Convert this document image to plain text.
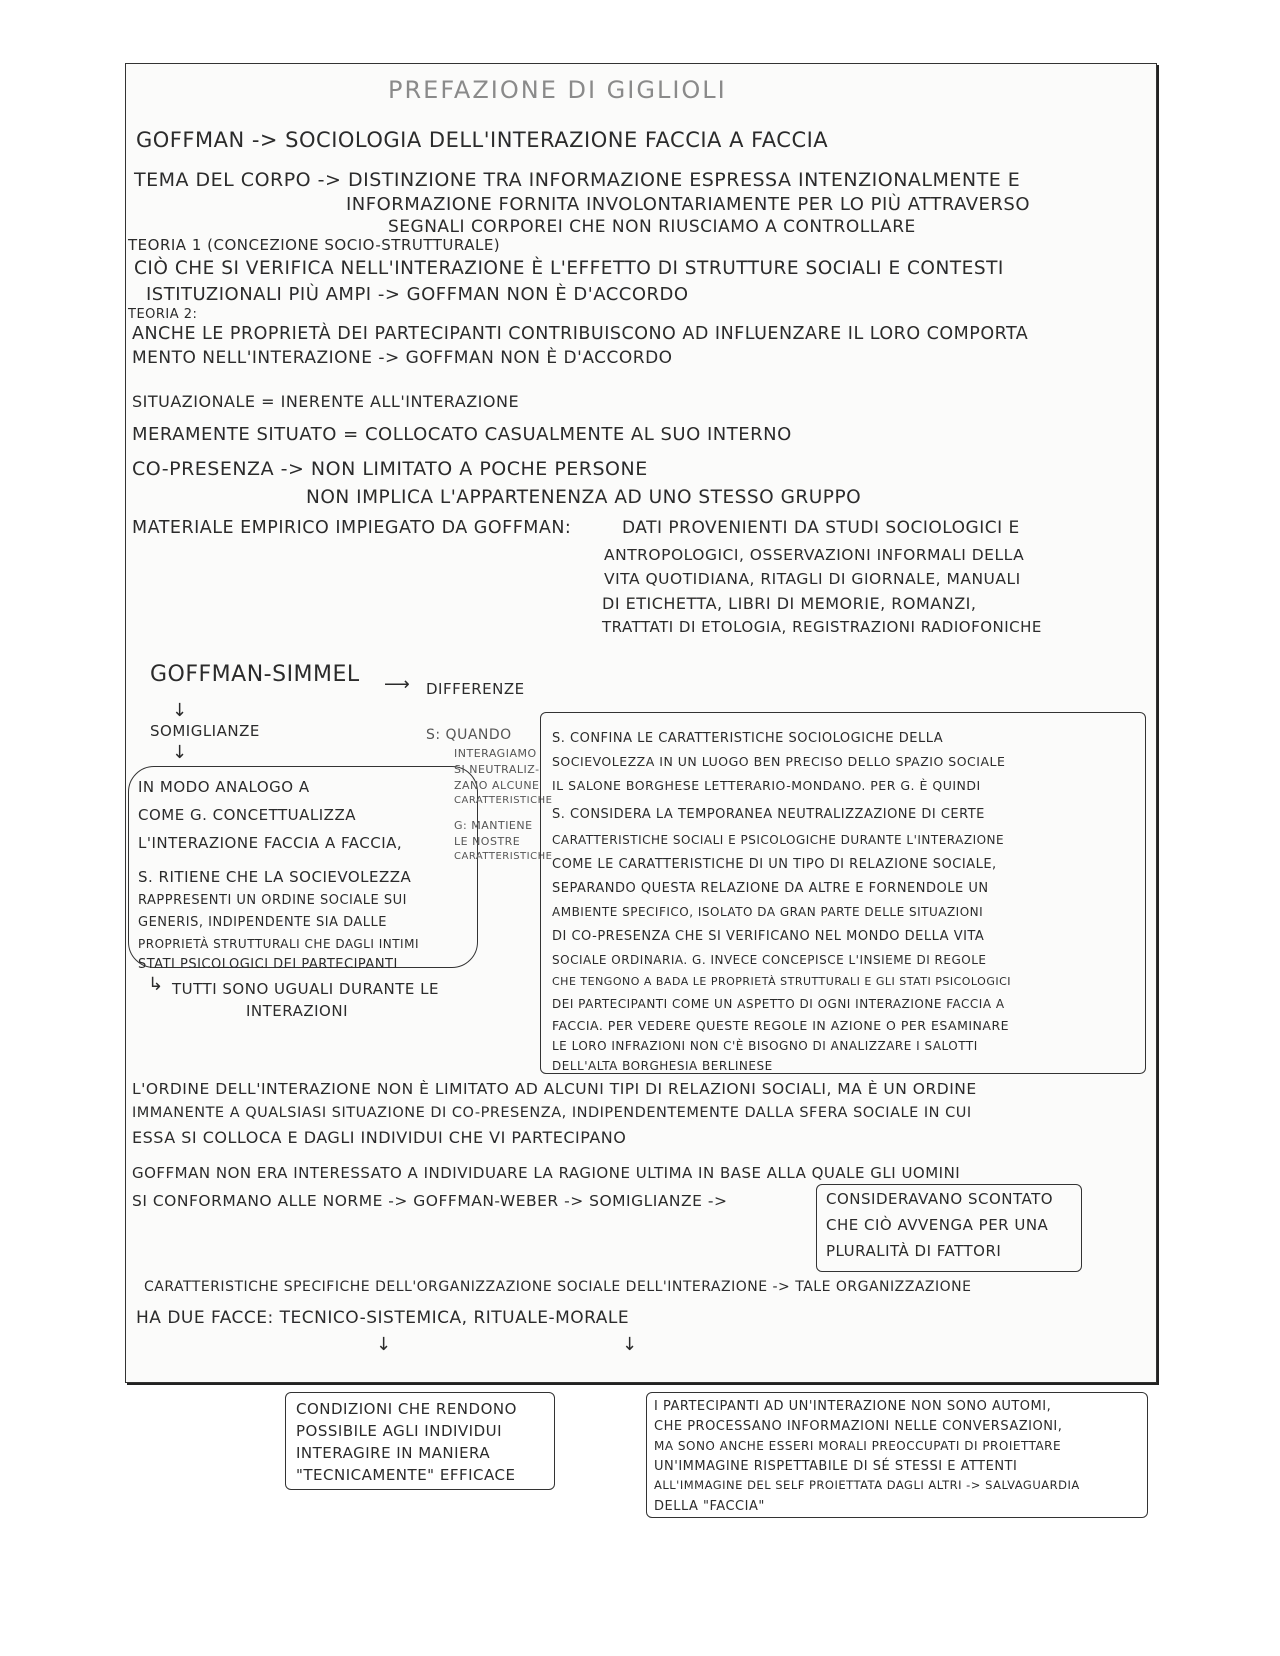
PREFAZIONE DI GIGLIOLI
GOFFMAN -> SOCIOLOGIA DELL'INTERAZIONE FACCIA A FACCIA
TEMA DEL CORPO -> DISTINZIONE TRA INFORMAZIONE ESPRESSA INTENZIONALMENTE E
INFORMAZIONE FORNITA INVOLONTARIAMENTE PER LO PIÙ ATTRAVERSO
SEGNALI CORPOREI CHE NON RIUSCIAMO A CONTROLLARE
TEORIA 1 (CONCEZIONE SOCIO-STRUTTURALE)
CIÒ CHE SI VERIFICA NELL'INTERAZIONE È L'EFFETTO DI STRUTTURE SOCIALI E CONTESTI
ISTITUZIONALI PIÙ AMPI -> GOFFMAN NON È D'ACCORDO
TEORIA 2:
ANCHE LE PROPRIETÀ DEI PARTECIPANTI CONTRIBUISCONO AD INFLUENZARE IL LORO COMPORTA
MENTO NELL'INTERAZIONE -> GOFFMAN NON È D'ACCORDO
SITUAZIONALE = INERENTE ALL'INTERAZIONE
MERAMENTE SITUATO = COLLOCATO CASUALMENTE AL SUO INTERNO
CO-PRESENZA -> NON LIMITATO A POCHE PERSONE
NON IMPLICA L'APPARTENENZA AD UNO STESSO GRUPPO
MATERIALE EMPIRICO IMPIEGATO DA GOFFMAN:	DATI PROVENIENTI DA STUDI SOCIOLOGICI E
ANTROPOLOGICI, OSSERVAZIONI INFORMALI DELLA
VITA QUOTIDIANA, RITAGLI DI GIORNALE, MANUALI
DI ETICHETTA, LIBRI DI MEMORIE, ROMANZI,
TRATTATI DI ETOLOGIA, REGISTRAZIONI RADIOFONICHE
GOFFMAN-SIMMEL ⟶ DIFFERENZE
↓
SOMIGLIANZE
↓
IN MODO ANALOGO A
COME G. CONCETTUALIZZA
L'INTERAZIONE FACCIA A FACCIA,
S. RITIENE CHE LA SOCIEVOLEZZA
RAPPRESENTI UN ORDINE SOCIALE SUI
GENERIS, INDIPENDENTE SIA DALLE
PROPRIETÀ STRUTTURALI CHE DAGLI INTIMI
STATI PSICOLOGICI DEI PARTECIPANTI
↳ TUTTI SONO UGUALI DURANTE LE
INTERAZIONI
S: QUANDO
INTERAGIAMO
SI NEUTRALIZ-
ZANO ALCUNE
CARATTERISTICHE
G: MANTIENE
LE NOSTRE
CARATTERISTICHE
S. CONFINA LE CARATTERISTICHE SOCIOLOGICHE DELLA
SOCIEVOLEZZA IN UN LUOGO BEN PRECISO DELLO SPAZIO SOCIALE
IL SALONE BORGHESE LETTERARIO-MONDANO. PER G. È QUINDI
S. CONSIDERA LA TEMPORANEA NEUTRALIZZAZIONE DI CERTE
CARATTERISTICHE SOCIALI E PSICOLOGICHE DURANTE L'INTERAZIONE
COME LE CARATTERISTICHE DI UN TIPO DI RELAZIONE SOCIALE,
SEPARANDO QUESTA RELAZIONE DA ALTRE E FORNENDOLE UN
AMBIENTE SPECIFICO, ISOLATO DA GRAN PARTE DELLE SITUAZIONI
DI CO-PRESENZA CHE SI VERIFICANO NEL MONDO DELLA VITA
SOCIALE ORDINARIA. G. INVECE CONCEPISCE L'INSIEME DI REGOLE
CHE TENGONO A BADA LE PROPRIETÀ STRUTTURALI E GLI STATI PSICOLOGICI
DEI PARTECIPANTI COME UN ASPETTO DI OGNI INTERAZIONE FACCIA A
FACCIA. PER VEDERE QUESTE REGOLE IN AZIONE O PER ESAMINARE
LE LORO INFRAZIONI NON C'È BISOGNO DI ANALIZZARE I SALOTTI
DELL'ALTA BORGHESIA BERLINESE
L'ORDINE DELL'INTERAZIONE NON È LIMITATO AD ALCUNI TIPI DI RELAZIONI SOCIALI, MA È UN ORDINE
IMMANENTE A QUALSIASI SITUAZIONE DI CO-PRESENZA, INDIPENDENTEMENTE DALLA SFERA SOCIALE IN CUI
ESSA SI COLLOCA E DAGLI INDIVIDUI CHE VI PARTECIPANO
GOFFMAN NON ERA INTERESSATO A INDIVIDUARE LA RAGIONE ULTIMA IN BASE ALLA QUALE GLI UOMINI
SI CONFORMANO ALLE NORME -> GOFFMAN-WEBER -> SOMIGLIANZE ->	CONSIDERAVANO SCONTATO
CHE CIÒ AVVENGA PER UNA
PLURALITÀ DI FATTORI
CARATTERISTICHE SPECIFICHE DELL'ORGANIZZAZIONE SOCIALE DELL'INTERAZIONE -> TALE ORGANIZZAZIONE
HA DUE FACCE: TECNICO-SISTEMICA, RITUALE-MORALE
↓	↓
CONDIZIONI CHE RENDONO
POSSIBILE AGLI INDIVIDUI
INTERAGIRE IN MANIERA
"TECNICAMENTE" EFFICACE
I PARTECIPANTI AD UN'INTERAZIONE NON SONO AUTOMI,
CHE PROCESSANO INFORMAZIONI NELLE CONVERSAZIONI,
MA SONO ANCHE ESSERI MORALI PREOCCUPATI DI PROIETTARE
UN'IMMAGINE RISPETTABILE DI SÉ STESSI E ATTENTI
ALL'IMMAGINE DEL SELF PROIETTATA DAGLI ALTRI -> SALVAGUARDIA
DELLA "FACCIA"
